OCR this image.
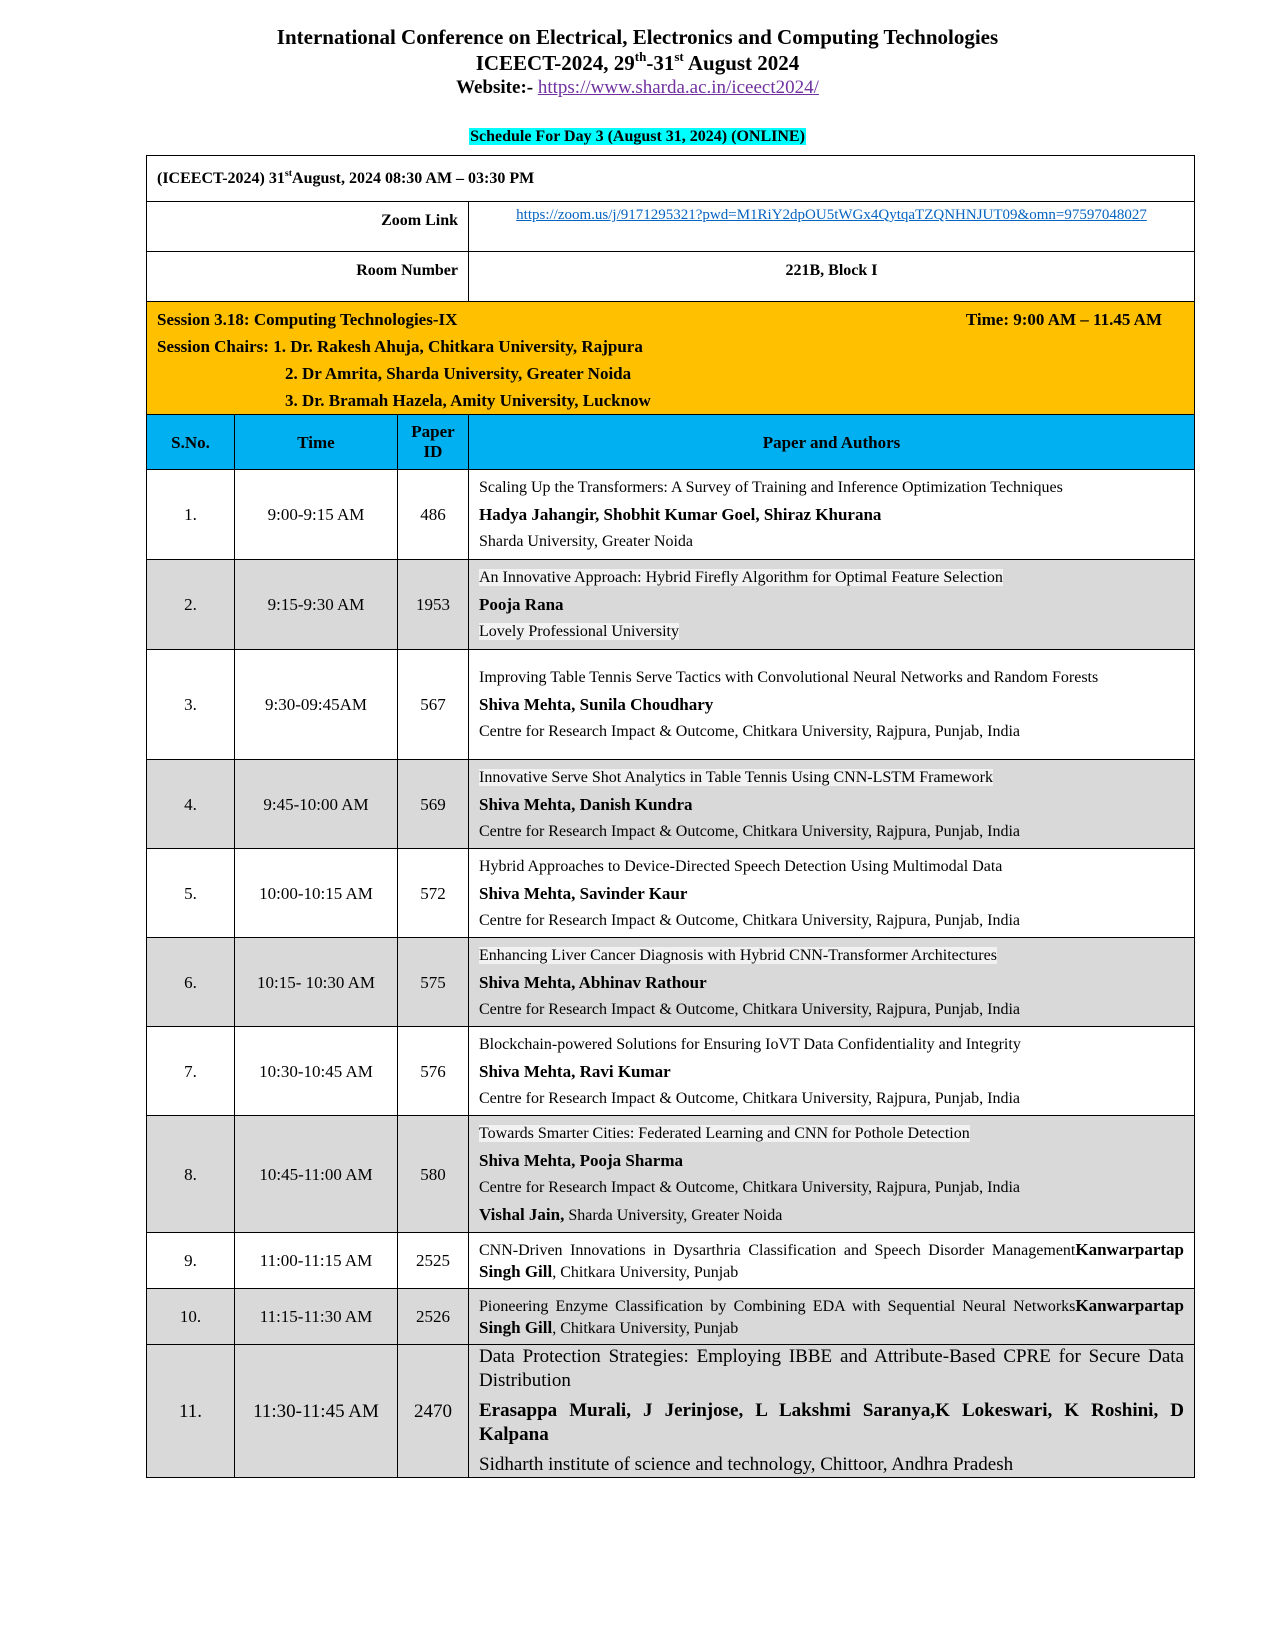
International Conference on Electrical, Electronics and Computing Technologies
ICEECT-2024, 29th-31st August 2024
Website:- https://www.sharda.ac.in/iceect2024/
Schedule For Day 3 (August 31, 2024) (ONLINE)
(ICEECT-2024) 31stAugust, 2024 08:30 AM – 03:30 PM			
Zoom Link			https://zoom.us/j/9171295321?pwd=M1RiY2dpOU5tWGx4QytqaTZQNHNJUT09&omn=97597048027
Room Number			221B, Block I

Session 3.18: Computing Technologies-IX Time: 9:00 AM – 11.45 AM
Session Chairs: 1. Dr. Rakesh Ahuja, Chitkara University, Rajpura
2. Dr Amrita, Sharda University, Greater Noida
3. Dr. Bramah Hazela, Amity University, Lucknow			

S.No.	Time	Paper ID	Paper and Authors
1.	9:00-9:15 AM	486	Scaling Up the Transformers: A Survey of Training and Inference Optimization Techniques
Hadya Jahangir, Shobhit Kumar Goel, Shiraz Khurana
Sharda University, Greater Noida

2.	9:15-9:30 AM	1953	An Innovative Approach: Hybrid Firefly Algorithm for Optimal Feature Selection
Pooja Rana
Lovely Professional University

3.	9:30-09:45AM	567	Improving Table Tennis Serve Tactics with Convolutional Neural Networks and Random Forests
Shiva Mehta, Sunila Choudhary
Centre for Research Impact & Outcome, Chitkara University, Rajpura, Punjab, India

4.	9:45-10:00 AM	569	Innovative Serve Shot Analytics in Table Tennis Using CNN-LSTM Framework
Shiva Mehta, Danish Kundra
Centre for Research Impact & Outcome, Chitkara University, Rajpura, Punjab, India

5.	10:00-10:15 AM	572	Hybrid Approaches to Device-Directed Speech Detection Using Multimodal Data
Shiva Mehta, Savinder Kaur
Centre for Research Impact & Outcome, Chitkara University, Rajpura, Punjab, India

6.	10:15- 10:30 AM	575	Enhancing Liver Cancer Diagnosis with Hybrid CNN-Transformer Architectures
Shiva Mehta, Abhinav Rathour
Centre for Research Impact & Outcome, Chitkara University, Rajpura, Punjab, India

7.	10:30-10:45 AM	576	Blockchain-powered Solutions for Ensuring IoVT Data Confidentiality and Integrity
Shiva Mehta, Ravi Kumar
Centre for Research Impact & Outcome, Chitkara University, Rajpura, Punjab, India

8.	10:45-11:00 AM	580	Towards Smarter Cities: Federated Learning and CNN for Pothole Detection
Shiva Mehta, Pooja Sharma
Centre for Research Impact & Outcome, Chitkara University, Rajpura, Punjab, India
Vishal Jain, Sharda University, Greater Noida

9.	11:00-11:15 AM	2525	CNN-Driven Innovations in Dysarthria Classification and Speech Disorder ManagementKanwarpartap Singh Gill, Chitkara University, Punjab
10.	11:15-11:30 AM	2526	Pioneering Enzyme Classification by Combining EDA with Sequential Neural NetworksKanwarpartap Singh Gill, Chitkara University, Punjab
11.	11:30-11:45 AM	2470	Data Protection Strategies: Employing IBBE and Attribute-Based CPRE for Secure Data Distribution
Erasappa Murali, J Jerinjose, L Lakshmi Saranya,K Lokeswari, K Roshini, D Kalpana
Sidharth institute of science and technology, Chittoor, Andhra Pradesh
